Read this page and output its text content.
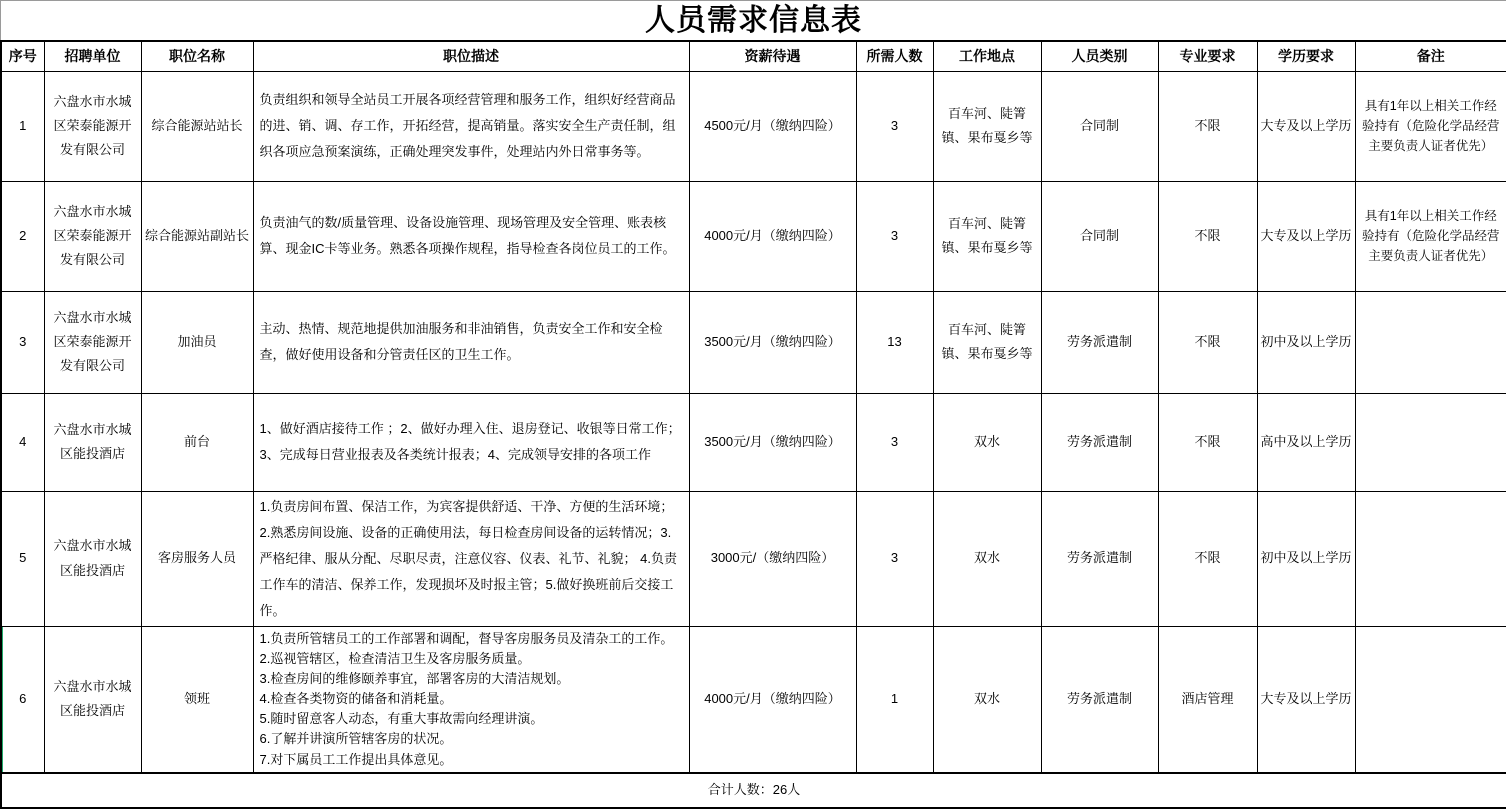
人员需求信息表
序号	招聘单位	职位名称	职位描述	资薪待遇	所需人数	工作地点	人员类别	专业要求	学历要求	备注
1	六盘水市水城区荣泰能源开发有限公司	综合能源站站长	负责组织和领导全站员工开展各项经营管理和服务工作，组织好经营商品的进、销、调、存工作，开拓经营，提高销量。落实安全生产责任制，组织各项应急预案演练，正确处理突发事件，处理站内外日常事务等。	4500元/月（缴纳四险）	3	百车河、陡箐镇、果布戛乡等	合同制	不限	大专及以上学历	具有1年以上相关工作经验持有（危险化学品经营主要负责人证者优先）
2	六盘水市水城区荣泰能源开发有限公司	综合能源站副站长	负责油气的数/质量管理、设备设施管理、现场管理及安全管理、账表核算、现金IC卡等业务。熟悉各项操作规程，指导检查各岗位员工的工作。	4000元/月（缴纳四险）	3	百车河、陡箐镇、果布戛乡等	合同制	不限	大专及以上学历	具有1年以上相关工作经验持有（危险化学品经营主要负责人证者优先）
3	六盘水市水城区荣泰能源开发有限公司	加油员	主动、热情、规范地提供加油服务和非油销售，负责安全工作和安全检查，做好使用设备和分管责任区的卫生工作。	3500元/月（缴纳四险）	13	百车河、陡箐镇、果布戛乡等	劳务派遣制	不限	初中及以上学历	
4	六盘水市水城区能投酒店	前台	1、做好酒店接待工作 ；2、做好办理入住、退房登记、收银等日常工作；3、完成每日营业报表及各类统计报表；4、完成领导安排的各项工作	3500元/月（缴纳四险）	3	双水	劳务派遣制	不限	高中及以上学历	
5	六盘水市水城区能投酒店	客房服务人员	1.负责房间布置、保洁工作，为宾客提供舒适、干净、方便的生活环境；2.熟悉房间设施、设备的正确使用法，每日检查房间设备的运转情况；3.严格纪律、服从分配、尽职尽责，注意仪容、仪表、礼节、礼貌； 4.负责工作车的清洁、保养工作，发现损坏及时报主管；5.做好换班前后交接工作。	3000元/（缴纳四险）	3	双水	劳务派遣制	不限	初中及以上学历	
6	六盘水市水城区能投酒店	领班	1.负责所管辖员工的工作部署和调配，督导客房服务员及清杂工的工作。
2.巡视管辖区，检查清洁卫生及客房服务质量。
3.检查房间的维修颐养事宜，部署客房的大清洁规划。
4.检查各类物资的储备和消耗量。
5.随时留意客人动态，有重大事故需向经理讲演。
6.了解并讲演所管辖客房的状况。
7.对下属员工工作提出具体意见。	4000元/月（缴纳四险）	1	双水	劳务派遣制	酒店管理	大专及以上学历	
合计人数：26人										
